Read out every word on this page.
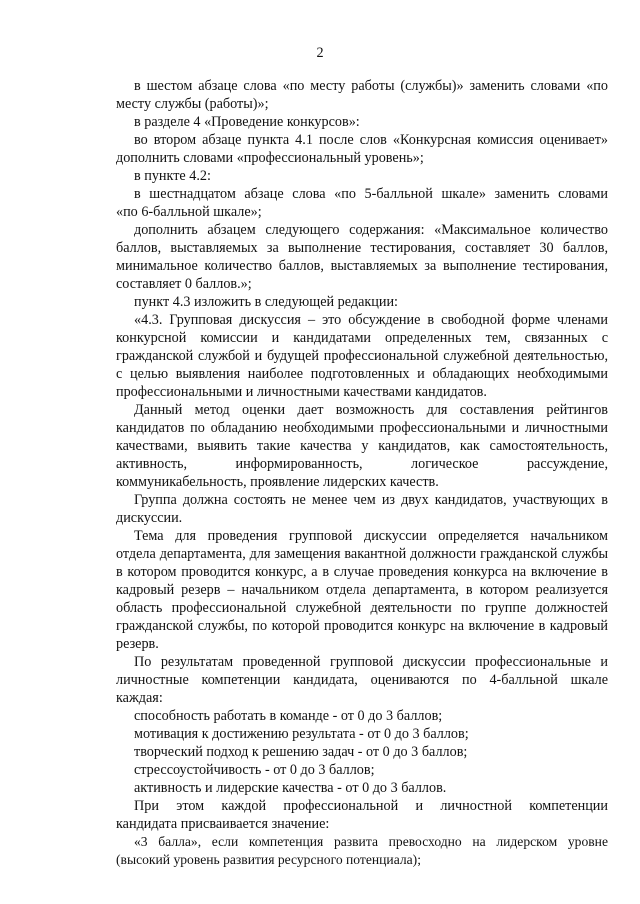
2
в шестом абзаце слова «по месту работы (службы)» заменить словами «по
месту службы (работы)»;
в разделе 4 «Проведение конкурсов»:
во втором абзаце пункта 4.1 после слов «Конкурсная комиссия оценивает»
дополнить словами «профессиональный уровень»;
в пункте 4.2:
в шестнадцатом абзаце слова «по 5-балльной шкале» заменить словами
«по 6-балльной шкале»;
дополнить абзацем следующего содержания: «Максимальное количество
баллов, выставляемых за выполнение тестирования, составляет 30 баллов,
минимальное количество баллов, выставляемых за выполнение тестирования,
составляет 0 баллов.»;
пункт 4.3 изложить в следующей редакции:
«4.3. Групповая дискуссия – это обсуждение в свободной форме членами
конкурсной комиссии и кандидатами определенных тем, связанных с
гражданской службой и будущей профессиональной служебной деятельностью,
с целью выявления наиболее подготовленных и обладающих необходимыми
профессиональными и личностными качествами кандидатов.
Данный метод оценки дает возможность для составления рейтингов
кандидатов по обладанию необходимыми профессиональными и личностными
качествами, выявить такие качества у кандидатов, как самостоятельность,
активность, информированность, логическое рассуждение,
коммуникабельность, проявление лидерских качеств.
Группа должна состоять не менее чем из двух кандидатов, участвующих в
дискуссии.
Тема для проведения групповой дискуссии определяется начальником
отдела департамента, для замещения вакантной должности гражданской службы
в котором проводится конкурс, а в случае проведения конкурса на включение в
кадровый резерв – начальником отдела департамента, в котором реализуется
область профессиональной служебной деятельности по группе должностей
гражданской службы, по которой проводится конкурс на включение в кадровый
резерв.
По результатам проведенной групповой дискуссии профессиональные и
личностные компетенции кандидата, оцениваются по 4-балльной шкале
каждая:
способность работать в команде - от 0 до 3 баллов;
мотивация к достижению результата - от 0 до 3 баллов;
творческий подход к решению задач - от 0 до 3 баллов;
стрессоустойчивость - от 0 до 3 баллов;
активность и лидерские качества - от 0 до 3 баллов.
При этом каждой профессиональной и личностной компетенции
кандидата присваивается значение:
«3 балла», если компетенция развита превосходно на лидерском уровне
(высокий уровень развития ресурсного потенциала);
